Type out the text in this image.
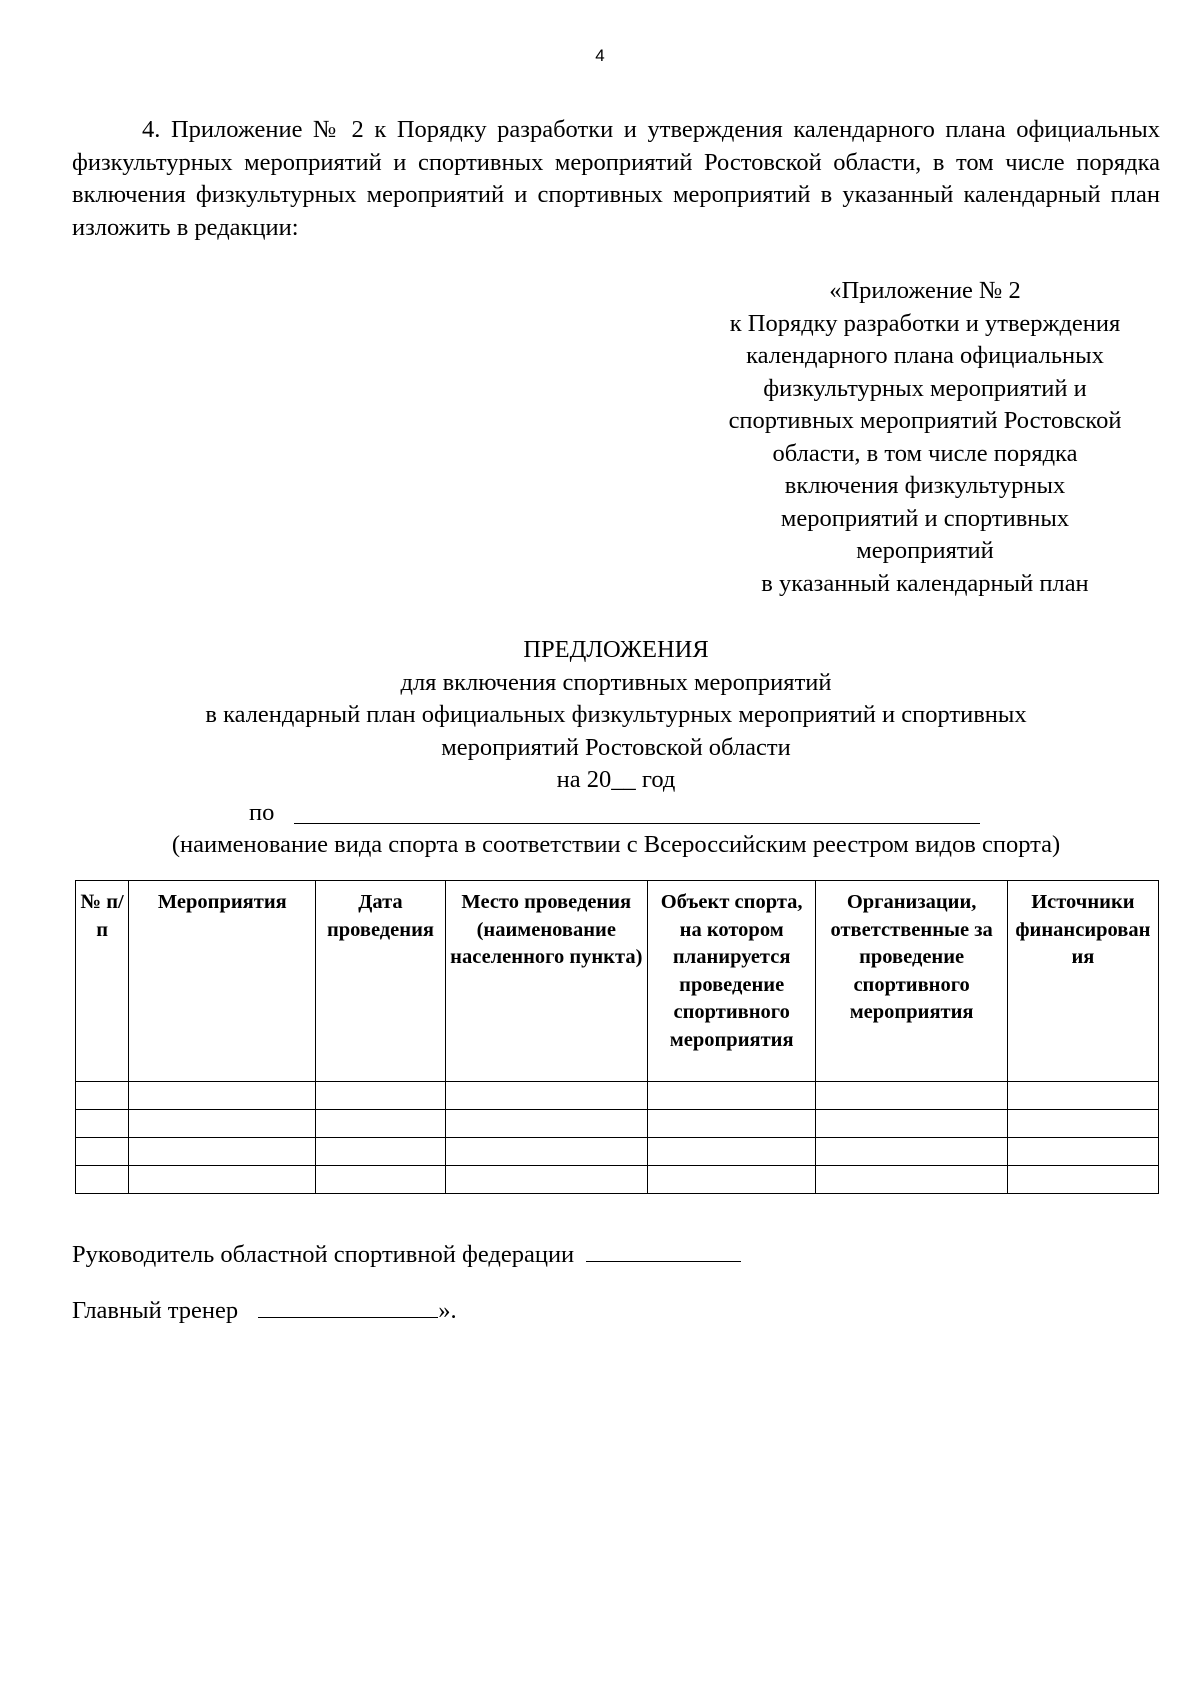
4

4. Приложение № 2 к Порядку разработки и утверждения календарного плана официальных физкультурных мероприятий и спортивных мероприятий Ростовской области, в том числе порядка включения физкультурных мероприятий и спортивных мероприятий в указанный календарный план изложить в редакции:

«Приложение № 2
к Порядку разработки и утверждения
календарного плана официальных
физкультурных мероприятий и
спортивных мероприятий Ростовской
области, в том числе порядка
включения физкультурных
мероприятий и спортивных
мероприятий
в указанный календарный план
ПРЕДЛОЖЕНИЯ
для включения спортивных мероприятий
в календарный план официальных физкультурных мероприятий и спортивных
мероприятий Ростовской области
на 20__ год
по
(наименование вида спорта в соответствии с Всероссийским реестром видов спорта)
№ п/п	Мероприятия	Дата проведения	Место проведения (наименование населенного пункта)	Объект спорта, на котором планируется проведение спортивного мероприятия	Организации, ответственные за проведение спортивного мероприятия	Источники финансирования

Руководитель областной спортивной федерации
Главный тренер	».
